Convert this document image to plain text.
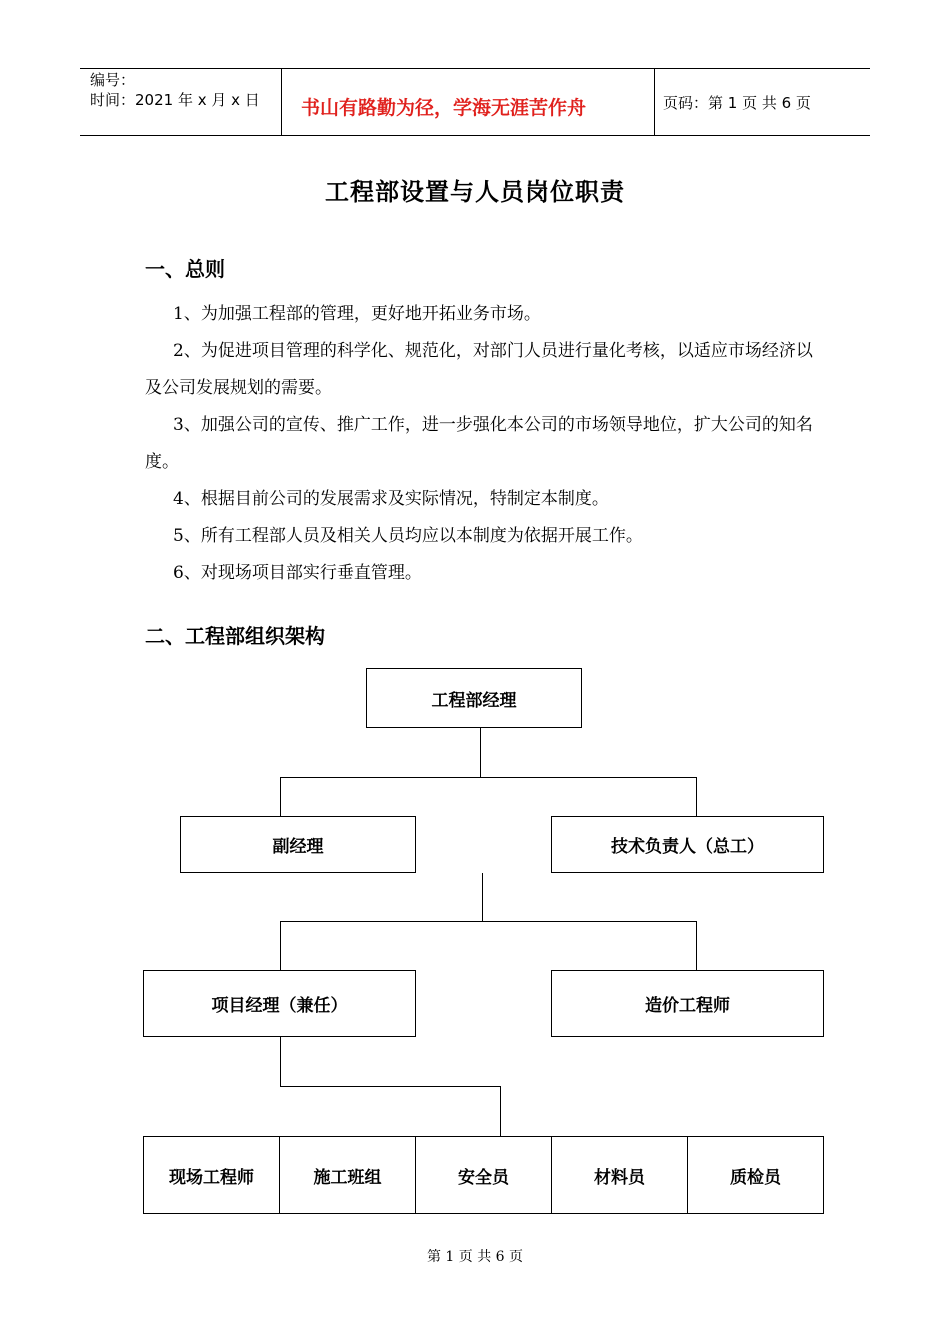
编号：
时间：2021 年 x 月 x 日 书山有路勤为径，学海无涯苦作舟	页码：第 1 页 共 6 页
工程部设置与人员岗位职责
一、总则

1、为加强工程部的管理，更好地开拓业务市场。

2、为促进项目管理的科学化、规范化，对部门人员进行量化考核，以适应市场经济以及公司发展规划的需要。

3、加强公司的宣传、推广工作，进一步强化本公司的市场领导地位，扩大公司的知名度。

4、根据目前公司的发展需求及实际情况，特制定本制度。

5、所有工程部人员及相关人员均应以本制度为依据开展工作。

6、对现场项目部实行垂直管理。

二、工程部组织架构
工程部经理
副经理	技术负责人（总工）
项目经理（兼任）	造价工程师
现场工程师	施工班组	安全员	材料员	质检员
第 1 页 共 6 页
